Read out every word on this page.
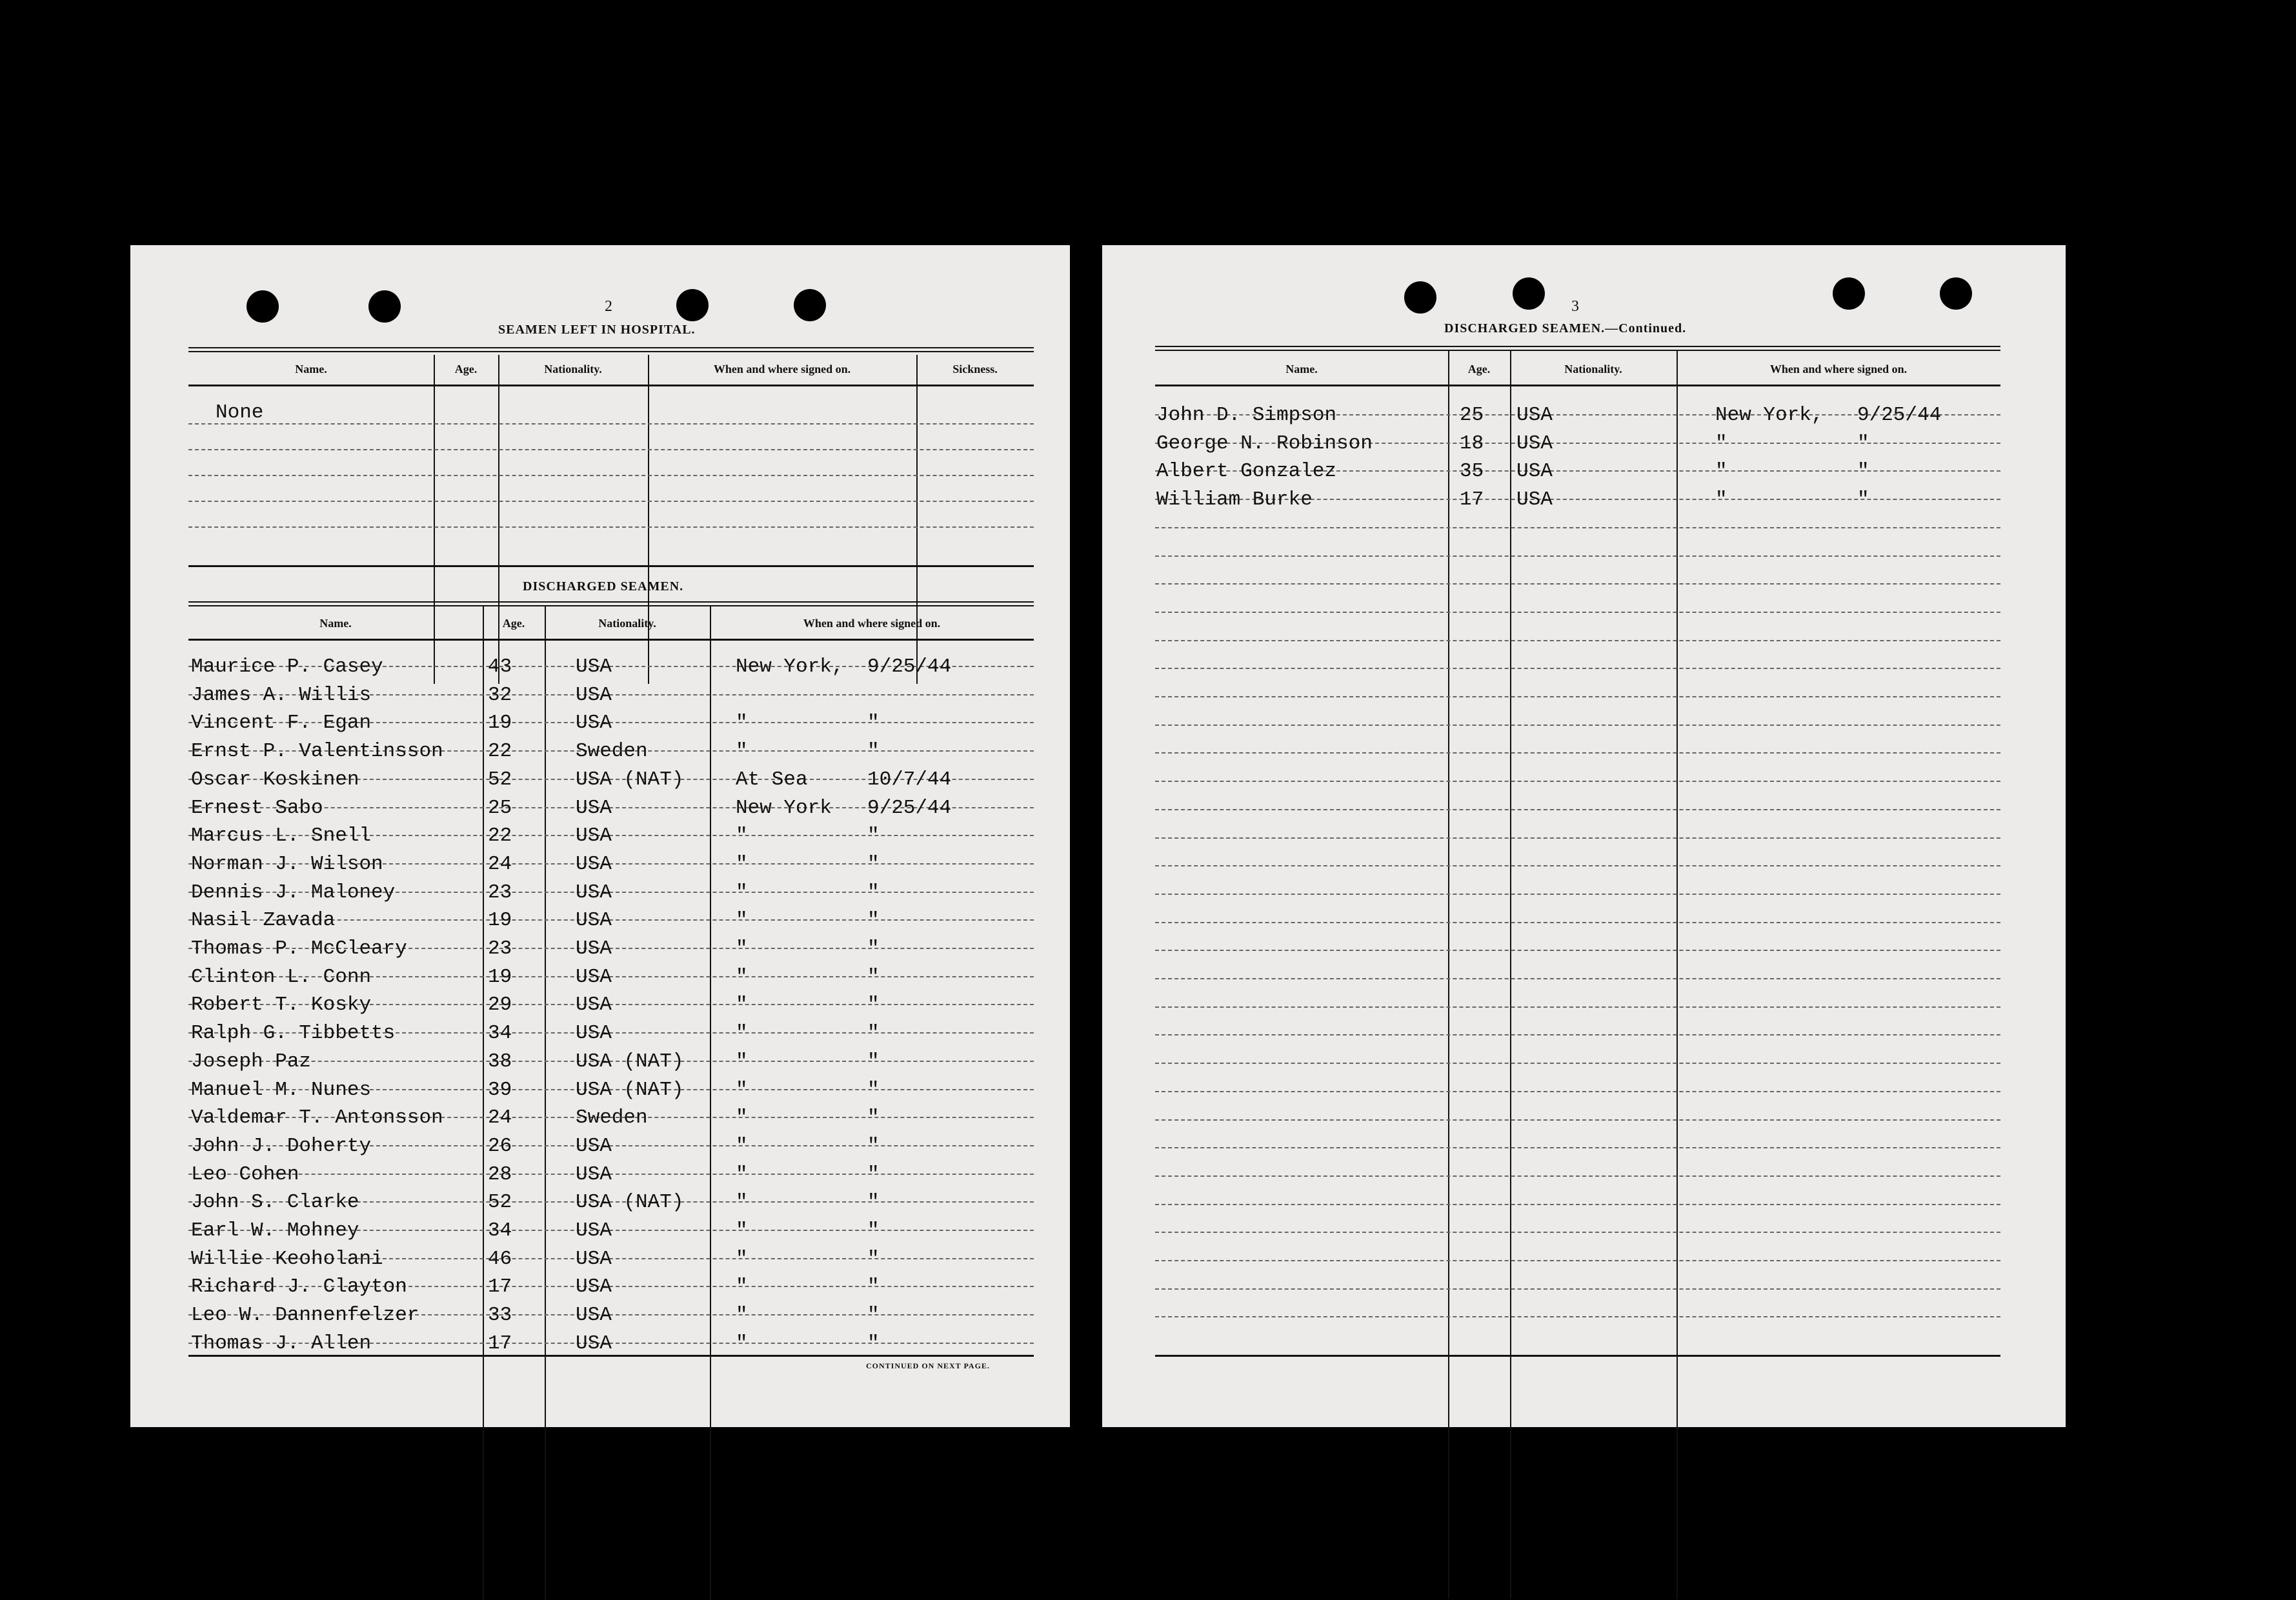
2
SEAMEN LEFT IN HOSPITAL.
Name.	Age.	Nationality.	When and where signed on.	Sickness.
None
DISCHARGED SEAMEN.
Name.	Age.	Nationality.	When and where signed on.
CONTINUED ON NEXT PAGE.
Maurice P. Casey	43	USA	New York, 9/25/44
James A. Willis	32	USA
Vincent F. Egan	19	USA	"	"
Ernst P. Valentinsson 22	Sweden	"	"
Oscar Koskinen	52	USA (NAT)	At Sea	10/7/44
Ernest Sabo	25	USA	New York 9/25/44
Marcus L. Snell	22	USA	"	"
Norman J. Wilson	24	USA	"	"
Dennis J. Maloney	23	USA	"	"
Nasil Zavada	19	USA	"	"
Thomas P. McCleary	23	USA	"	"
Clinton L. Conn	19	USA	"	"
Robert T. Kosky	29	USA	"	"
Ralph G. Tibbetts	34	USA	"	"
Joseph Paz	38	USA (NAT)	"	"
Manuel M. Nunes	39	USA (NAT)	"	"
Valdemar T. Antonsson 24	Sweden	"	"
John J. Doherty	26	USA	"	"
Leo Cohen	28	USA	"	"
John S. Clarke	52	USA (NAT)	"	"
Earl W. Mohney	34	USA	"	"
Willie Keoholani	46	USA	"	"
Richard J. Clayton	17	USA	"	"
Leo W. Dannenfelzer	33	USA	"	"
Thomas J. Allen	17	USA	"	"
3
DISCHARGED SEAMEN.—Continued.
Name.	Age.	Nationality.	When and where signed on.
John D. Simpson	25 USA	New York, 9/25/44
George N. Robinson	18 USA	"	"
Albert Gonzalez	35 USA	"	"
William Burke	17 USA	"	"
